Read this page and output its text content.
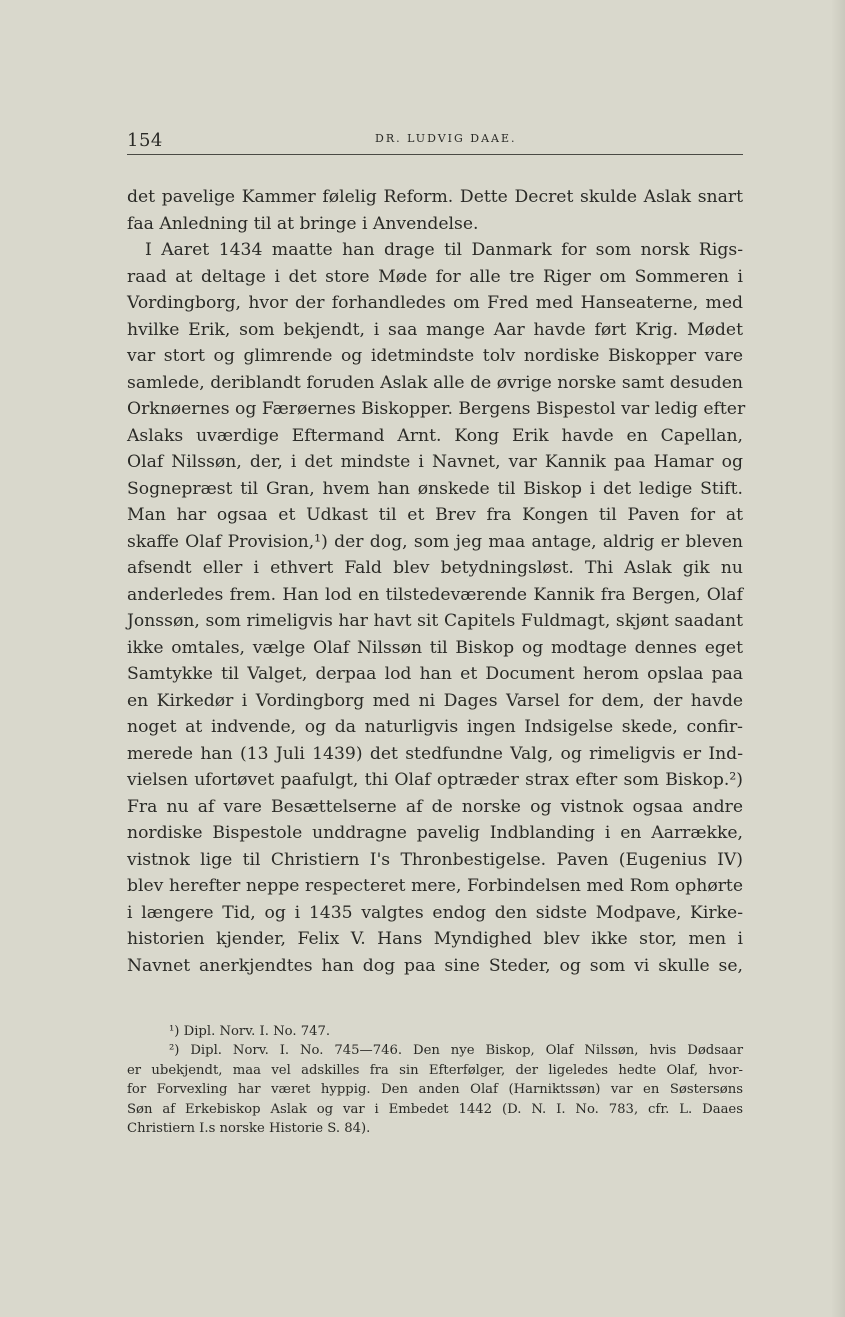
154	DR. LUDVIG DAAE.
det pavelige Kammer følelig Reform. Dette Decret skulde Aslak snart
faa Anledning til at bringe i Anvendelse.
I Aaret 1434 maatte han drage til Danmark for som norsk Rigs-
raad at deltage i det store Møde for alle tre Riger om Sommeren i
Vordingborg, hvor der forhandledes om Fred med Hanseaterne, med
hvilke Erik, som bekjendt, i saa mange Aar havde ført Krig. Mødet
var stort og glimrende og idetmindste tolv nordiske Biskopper vare
samlede, deriblandt foruden Aslak alle de øvrige norske samt desuden
Orknøernes og Færøernes Biskopper. Bergens Bispestol var ledig efter
Aslaks uværdige Eftermand Arnt. Kong Erik havde en Capellan,
Olaf Nilssøn, der, i det mindste i Navnet, var Kannik paa Hamar og
Sognepræst til Gran, hvem han ønskede til Biskop i det ledige Stift.
Man har ogsaa et Udkast til et Brev fra Kongen til Paven for at
skaffe Olaf Provision,¹) der dog, som jeg maa antage, aldrig er bleven
afsendt eller i ethvert Fald blev betydningsløst. Thi Aslak gik nu
anderledes frem. Han lod en tilstedeværende Kannik fra Bergen, Olaf
Jonssøn, som rimeligvis har havt sit Capitels Fuldmagt, skjønt saadant
ikke omtales, vælge Olaf Nilssøn til Biskop og modtage dennes eget
Samtykke til Valget, derpaa lod han et Document herom opslaa paa
en Kirkedør i Vordingborg med ni Dages Varsel for dem, der havde
noget at indvende, og da naturligvis ingen Indsigelse skede, confir-
merede han (13 Juli 1439) det stedfundne Valg, og rimeligvis er Ind-
vielsen ufortøvet paafulgt, thi Olaf optræder strax efter som Biskop.²)
Fra nu af vare Besættelserne af de norske og vistnok ogsaa andre
nordiske Bispestole unddragne pavelig Indblanding i en Aarrække,
vistnok lige til Christiern I's Thronbestigelse. Paven (Eugenius IV)
blev herefter neppe respecteret mere, Forbindelsen med Rom ophørte
i længere Tid, og i 1435 valgtes endog den sidste Modpave, Kirke-
historien kjender, Felix V. Hans Myndighed blev ikke stor, men i
Navnet anerkjendtes han dog paa sine Steder, og som vi skulle se,
¹) Dipl. Norv. I. No. 747.
²) Dipl. Norv. I. No. 745—746. Den nye Biskop, Olaf Nilssøn, hvis Dødsaar
er ubekjendt, maa vel adskilles fra sin Efterfølger, der ligeledes hedte Olaf, hvor-
for Forvexling har været hyppig. Den anden Olaf (Harniktssøn) var en Søstersøns
Søn af Erkebiskop Aslak og var i Embedet 1442 (D. N. I. No. 783, cfr. L. Daaes
Christiern I.s norske Historie S. 84).
